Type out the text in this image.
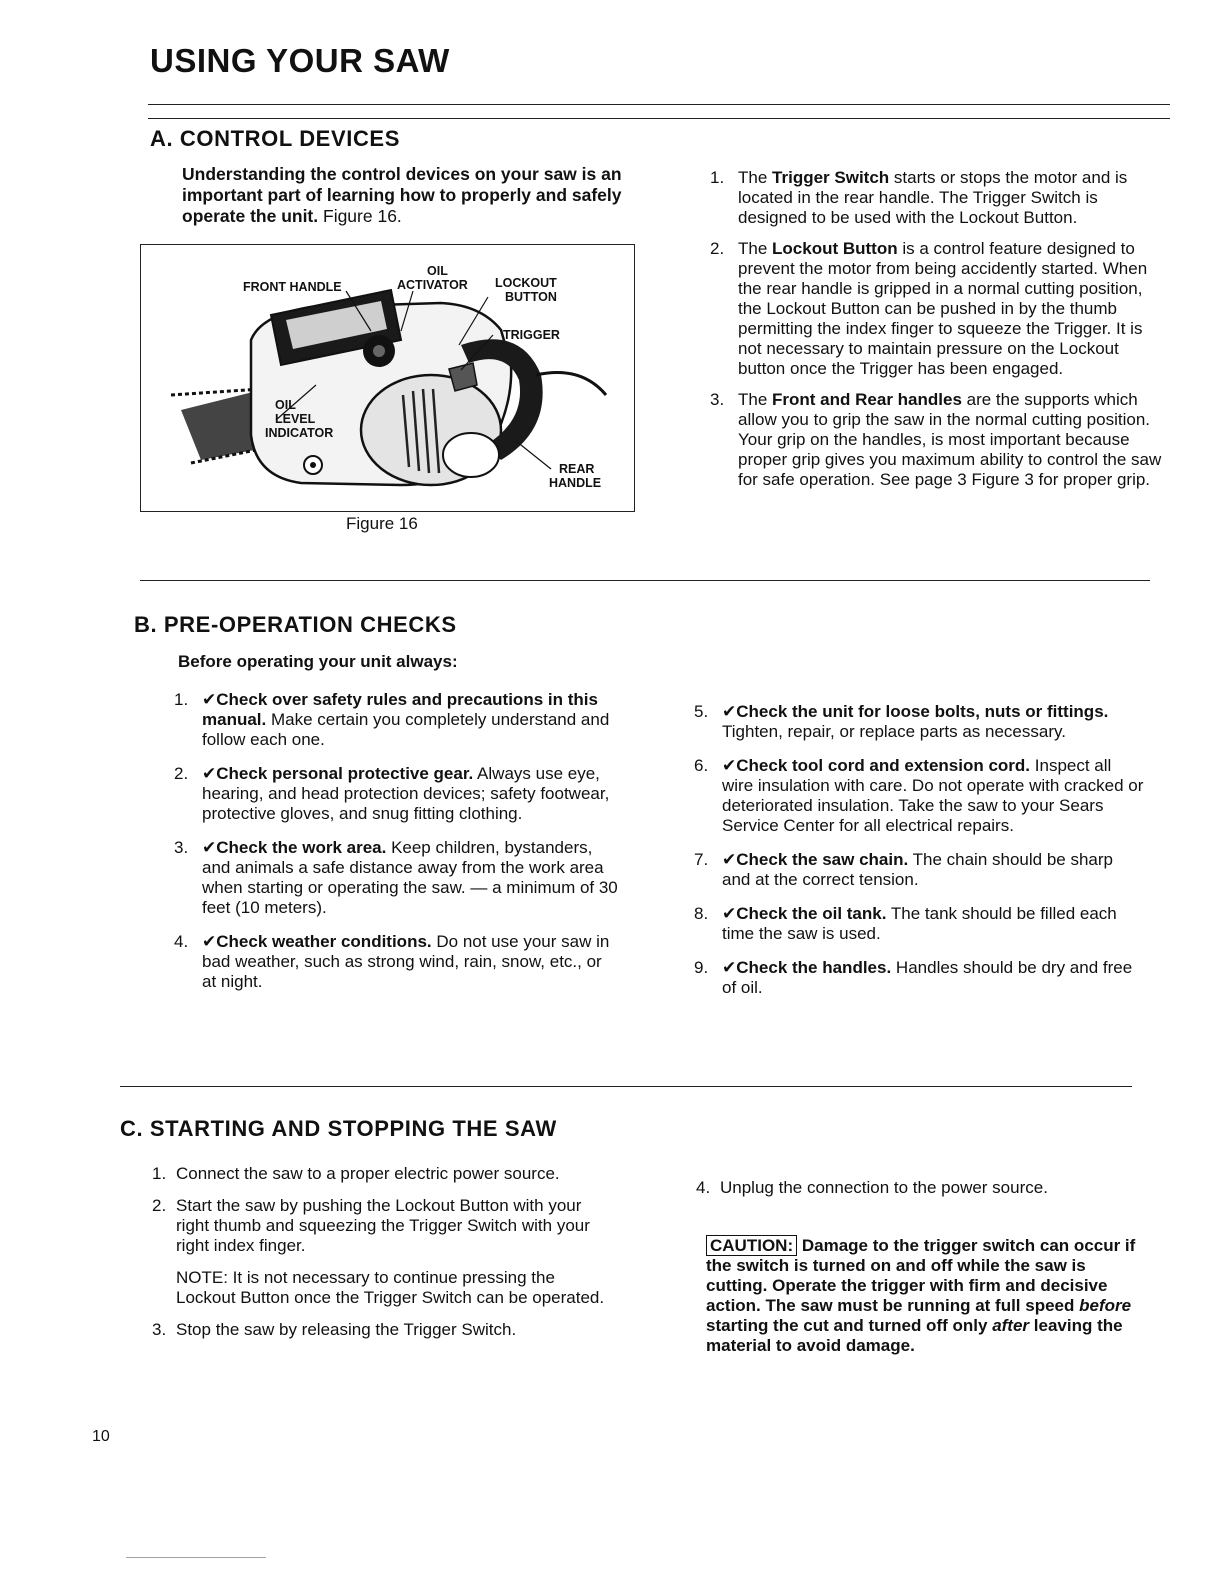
USING YOUR SAW
A. CONTROL DEVICES

Understanding the control devices on your saw is an important part of learning how to properly and safely operate the unit. Figure 16.

FRONT HANDLE
OIL
ACTIVATOR LOCKOUT
BUTTON
TRIGGER
OIL
LEVEL
INDICATOR
REAR
HANDLE
Figure 16
1. The Trigger Switch starts or stops the motor and is located in the rear handle. The Trigger Switch is designed to be used with the Lockout Button.
2. The Lockout Button is a control feature designed to prevent the motor from being accidently started. When the rear handle is gripped in a normal cutting position, the Lockout Button can be pushed in by the thumb permitting the index finger to squeeze the Trigger. It is not necessary to maintain pressure on the Lockout button once the Trigger has been engaged.
3. The Front and Rear handles are the supports which allow you to grip the saw in the normal cutting position. Your grip on the handles, is most important because proper grip gives you maximum ability to control the saw for safe operation. See page 3 Figure 3 for proper grip.
B. PRE-OPERATION CHECKS

Before operating your unit always:

1. ✔Check over safety rules and precautions in this manual. Make certain you completely understand and follow each one.
2. ✔Check personal protective gear. Always use eye, hearing, and head protection devices; safety footwear, protective gloves, and snug fitting clothing.
3. ✔Check the work area. Keep children, bystanders, and animals a safe distance away from the work area when starting or operating the saw. — a minimum of 30 feet (10 meters).
4. ✔Check weather conditions. Do not use your saw in bad weather, such as strong wind, rain, snow, etc., or at night.
5. ✔Check the unit for loose bolts, nuts or fittings. Tighten, repair, or replace parts as necessary.
6. ✔Check tool cord and extension cord. Inspect all wire insulation with care. Do not operate with cracked or deteriorated insulation. Take the saw to your Sears Service Center for all electrical repairs.
7. ✔Check the saw chain. The chain should be sharp and at the correct tension.
8. ✔Check the oil tank. The tank should be filled each time the saw is used.
9. ✔Check the handles. Handles should be dry and free of oil.
C. STARTING AND STOPPING THE SAW
1. Connect the saw to a proper electric power source.
2. Start the saw by pushing the Lockout Button with your right thumb and squeezing the Trigger Switch with your right index finger.
NOTE: It is not necessary to continue pressing the Lockout Button once the Trigger Switch can be operated.
3. Stop the saw by releasing the Trigger Switch.
4. Unplug the connection to the power source.

CAUTION: Damage to the trigger switch can occur if the switch is turned on and off while the saw is cutting. Operate the trigger with firm and decisive action. The saw must be running at full speed before starting the cut and turned off only after leaving the material to avoid damage.

10
